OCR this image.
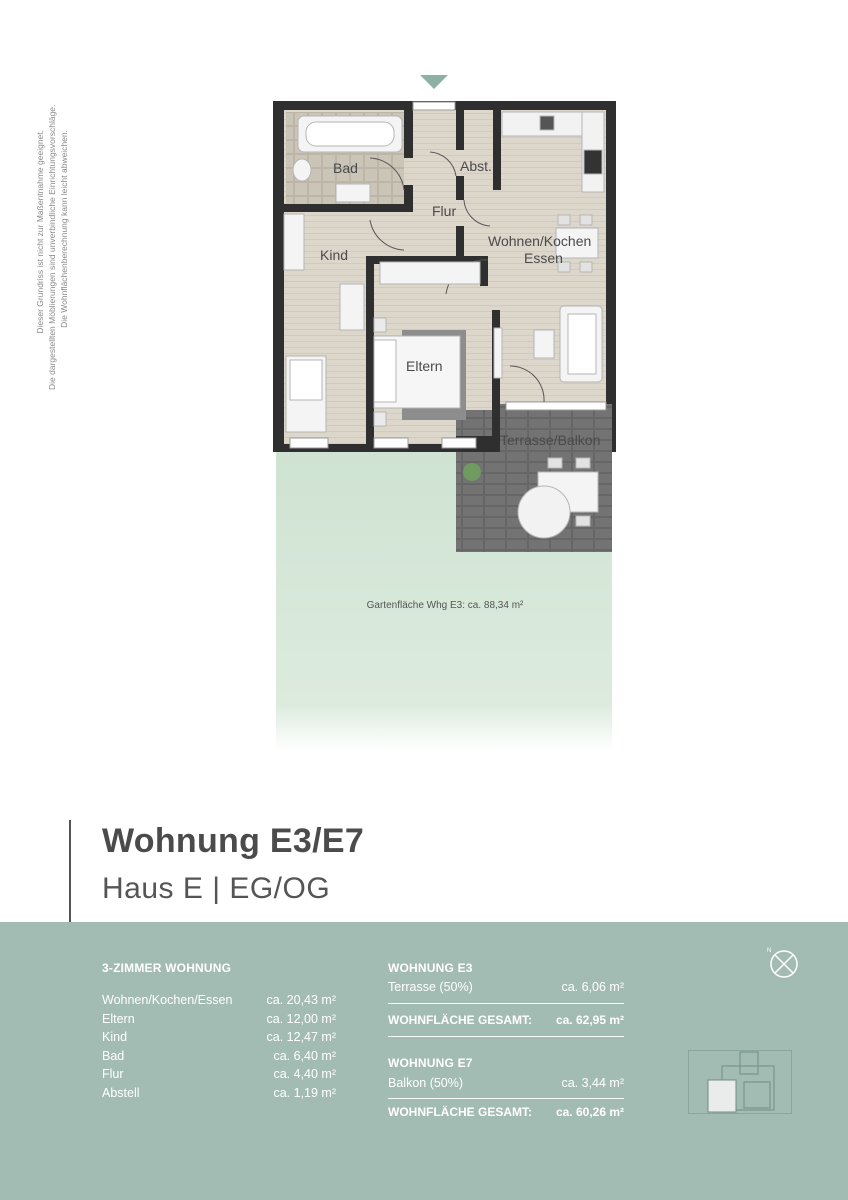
Dieser Grundriss ist nicht zur Maßentnahme geeignet. Die dargestellten Möblierungen sind unverbindliche Einrichtungsvorschläge. Die Wohnflächenberechnung kann leicht abweichen.	Bad	Abst.
Flur
Kind
Wohnen/Kochen
Essen
Eltern
Terrasse/Balkon
Gartenfläche Whg E3: ca. 88,34 m²
Wohnung E3/E7
Haus E | EG/OG
3-ZIMMER WOHNUNG
Wohnen/Kochen/Essen	ca. 20,43 m²
Eltern	ca. 12,00 m²
Kind	ca. 12,47 m²
Bad	ca. 6,40 m²
Flur	ca. 4,40 m²
Abstell	ca. 1,19 m²
WOHNUNG E3
Terrasse (50%)	ca. 6,06 m²
WOHNFLÄCHE GESAMT: ca. 62,95 m²
WOHNUNG E7
Balkon (50%)	ca. 3,44 m²
WOHNFLÄCHE GESAMT: ca. 60,26 m²
N
